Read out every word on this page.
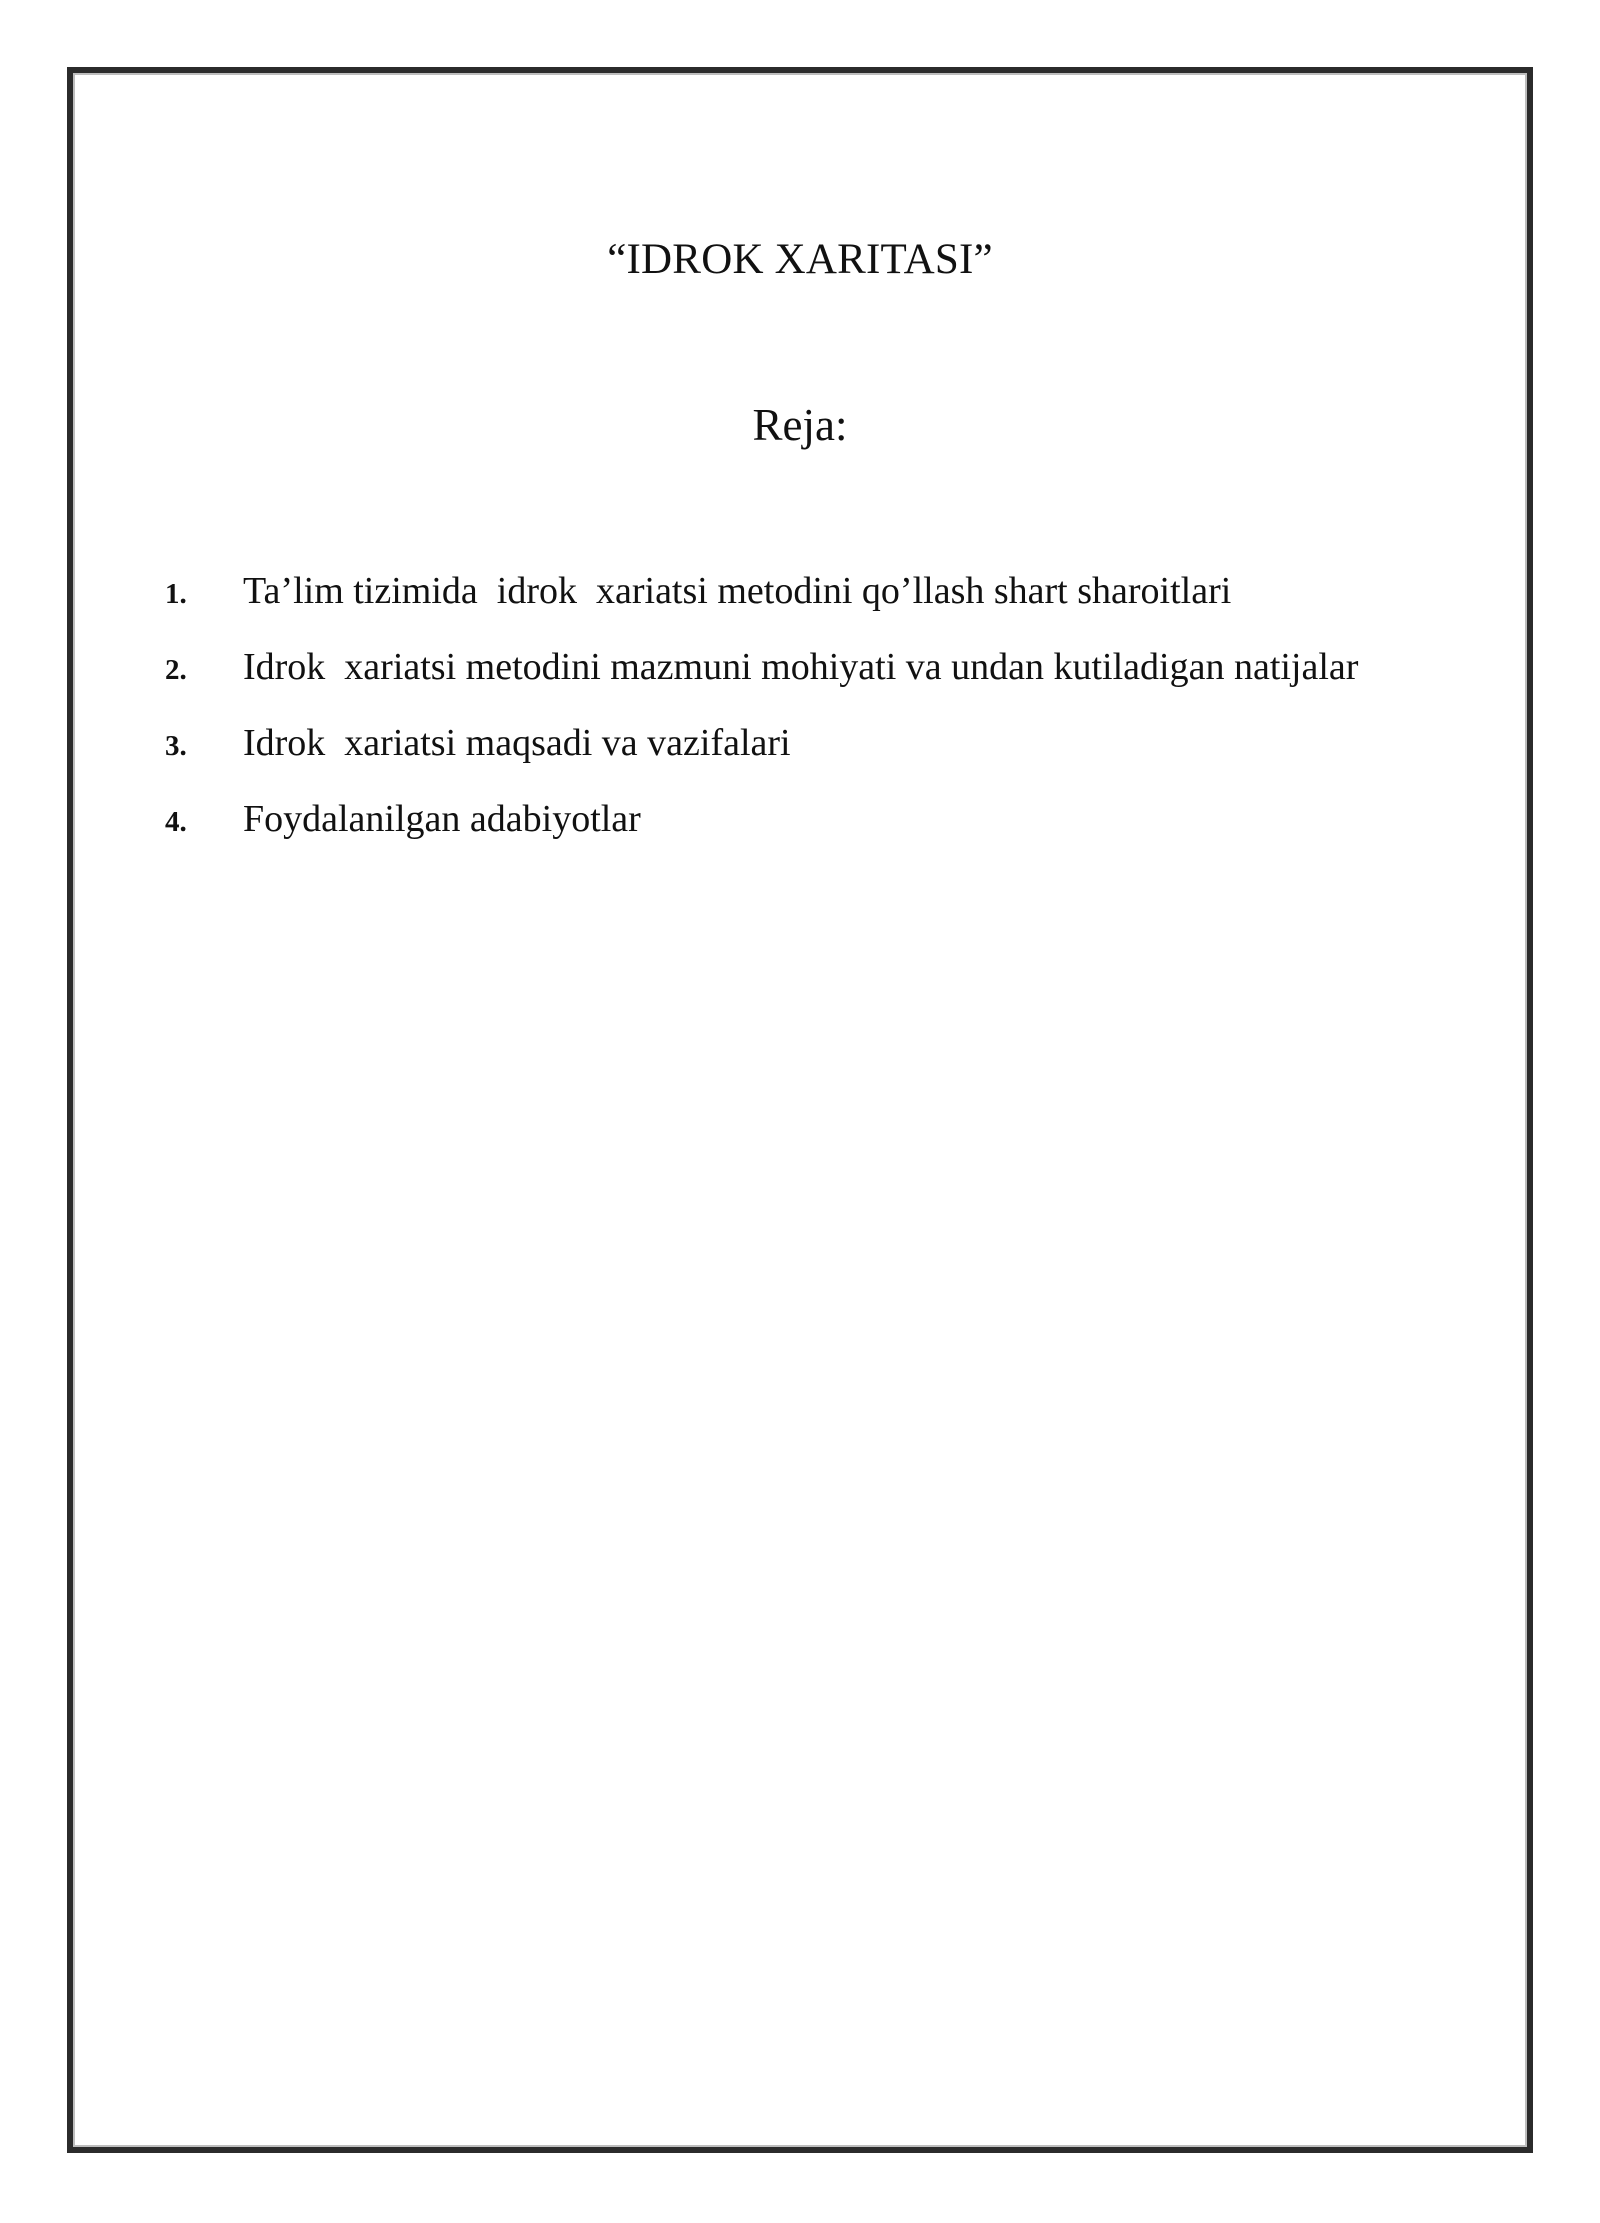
“IDROK XARITASI”
Reja:
1.	Ta’lim tizimida  idrok  xariatsi metodini qo’llash shart sharoitlari
2.	Idrok  xariatsi metodini mazmuni mohiyati va undan kutiladigan natijalar
3.	Idrok  xariatsi maqsadi va vazifalari
4.	Foydalanilgan adabiyotlar
